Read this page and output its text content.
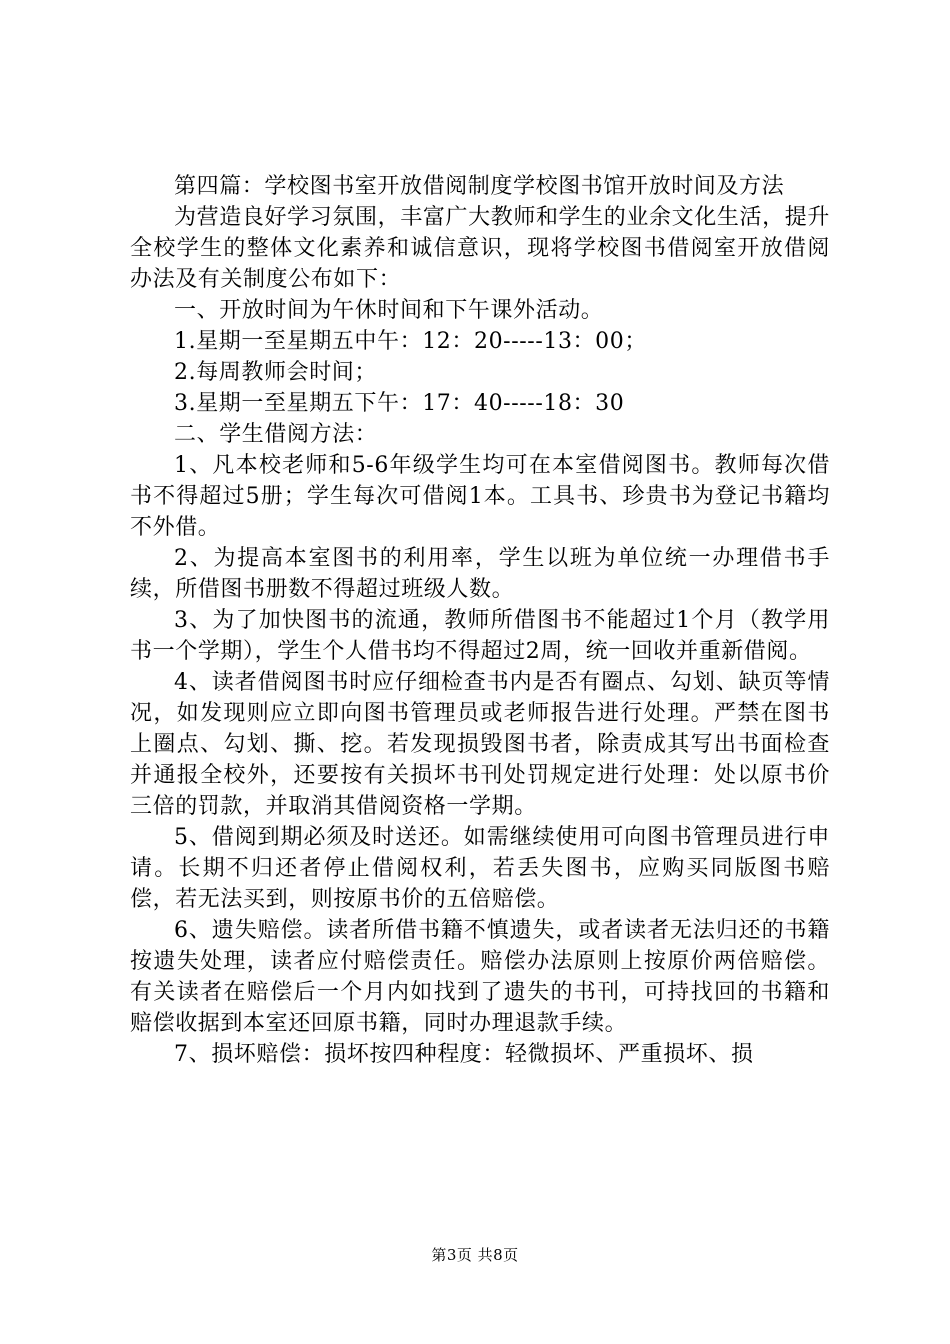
第四篇：学校图书室开放借阅制度学校图书馆开放时间及方法

为营造良好学习氛围，丰富广大教师和学生的业余文化生活，提升全校学生的整体文化素养和诚信意识，现将学校图书借阅室开放借阅办法及有关制度公布如下：

一、开放时间为午休时间和下午课外活动。

1.星期一至星期五中午：12：20-----13：00；

2.每周教师会时间；

3.星期一至星期五下午：17：40-----18：30

二、学生借阅方法：

1、凡本校老师和5-6年级学生均可在本室借阅图书。教师每次借书不得超过5册；学生每次可借阅1本。工具书、珍贵书为登记书籍均不外借。

2、为提高本室图书的利用率，学生以班为单位统一办理借书手续，所借图书册数不得超过班级人数。

3、为了加快图书的流通，教师所借图书不能超过1个月（教学用书一个学期），学生个人借书均不得超过2周，统一回收并重新借阅。

4、读者借阅图书时应仔细检查书内是否有圈点、勾划、缺页等情况，如发现则应立即向图书管理员或老师报告进行处理。严禁在图书上圈点、勾划、撕、挖。若发现损毁图书者，除责成其写出书面检查并通报全校外，还要按有关损坏书刊处罚规定进行处理：处以原书价三倍的罚款，并取消其借阅资格一学期。

5、借阅到期必须及时送还。如需继续使用可向图书管理员进行申请。长期不归还者停止借阅权利，若丢失图书，应购买同版图书赔偿，若无法买到，则按原书价的五倍赔偿。

6、遗失赔偿。读者所借书籍不慎遗失，或者读者无法归还的书籍按遗失处理，读者应付赔偿责任。赔偿办法原则上按原价两倍赔偿。有关读者在赔偿后一个月内如找到了遗失的书刊，可持找回的书籍和赔偿收据到本室还回原书籍，同时办理退款手续。

7、损坏赔偿：损坏按四种程度：轻微损坏、严重损坏、损

第3页 共8页
